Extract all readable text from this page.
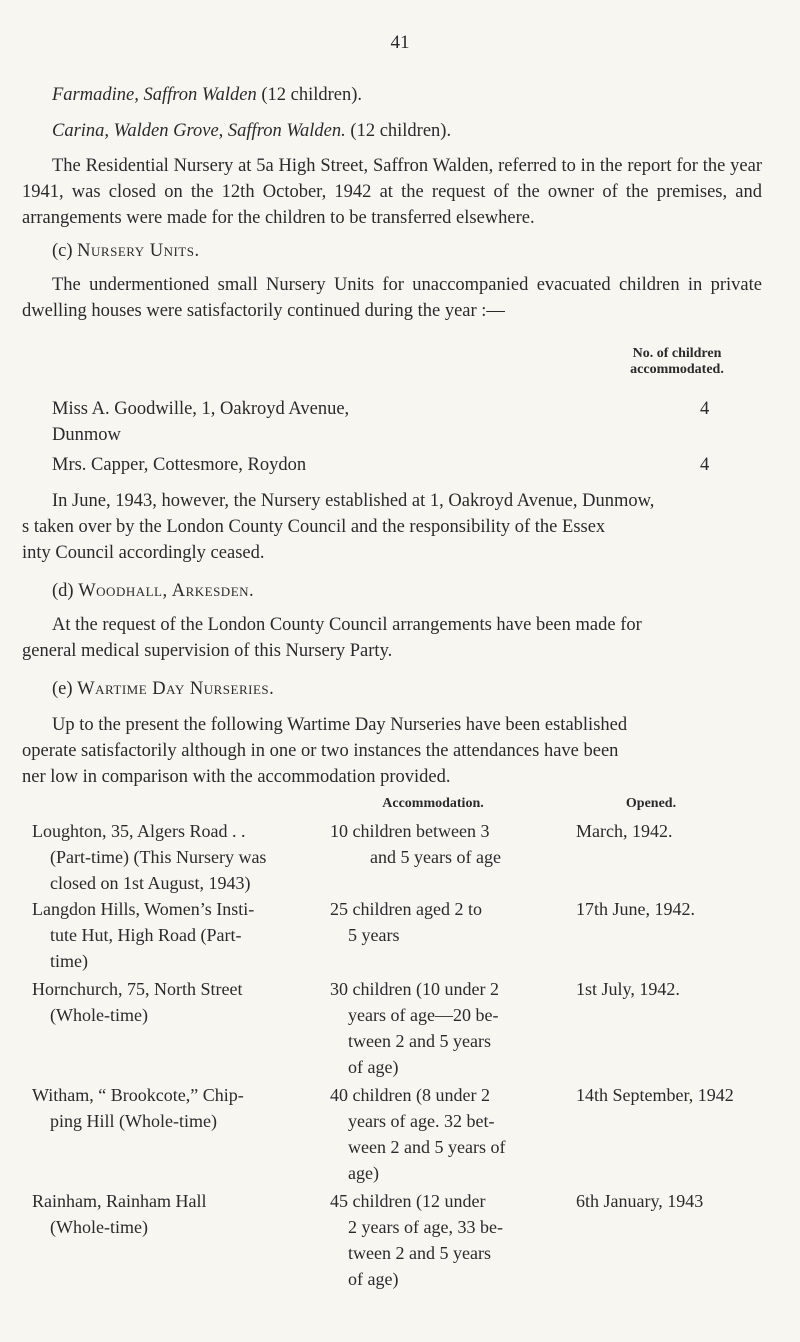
41
Farmadine, Saffron Walden (12 children).
Carina, Walden Grove, Saffron Walden. (12 children).
The Residential Nursery at 5a High Street, Saffron Walden, referred to in the report for the year 1941, was closed on the 12th October, 1942 at the request of the owner of the premises, and arrangements were made for the children to be transferred elsewhere.
(c) Nursery Units.
The undermentioned small Nursery Units for unaccompanied evacuated children in private dwelling houses were satisfactorily continued during the year :—
No. of children accommodated.
Miss A. Goodwille, 1, Oakroyd Avenue,
Dunmow
4
Mrs. Capper, Cottesmore, Roydon	4
In June, 1943, however, the Nursery established at 1, Oakroyd Avenue, Dunmow,
s taken over by the London County Council and the responsibility of the Essex
inty Council accordingly ceased.
(d) Woodhall, Arkesden.
At the request of the London County Council arrangements have been made for
general medical supervision of this Nursery Party.
(e) Wartime Day Nurseries.
Up to the present the following Wartime Day Nurseries have been established
operate satisfactorily although in one or two instances the attendances have been
ner low in comparison with the accommodation provided.
Accommodation.	Opened.
Loughton, 35, Algers Road . .
(Part-time) (This Nursery was
closed on 1st August, 1943)
10 children between 3
and 5 years of age
March, 1942.
Langdon Hills, Women’s Insti-
tute Hut, High Road (Part-
time)
25 children aged 2 to
5 years
17th June, 1942.
Hornchurch, 75, North Street
(Whole-time)
30 children (10 under 2
years of age—20 be-
tween 2 and 5 years
of age)
1st July, 1942.
Witham, “ Brookcote,” Chip-
ping Hill (Whole-time)
40 children (8 under 2
years of age. 32 bet-
ween 2 and 5 years of
age)
14th September, 1942
Rainham, Rainham Hall
(Whole-time)
45 children (12 under
2 years of age, 33 be-
tween 2 and 5 years
of age)
6th January, 1943
